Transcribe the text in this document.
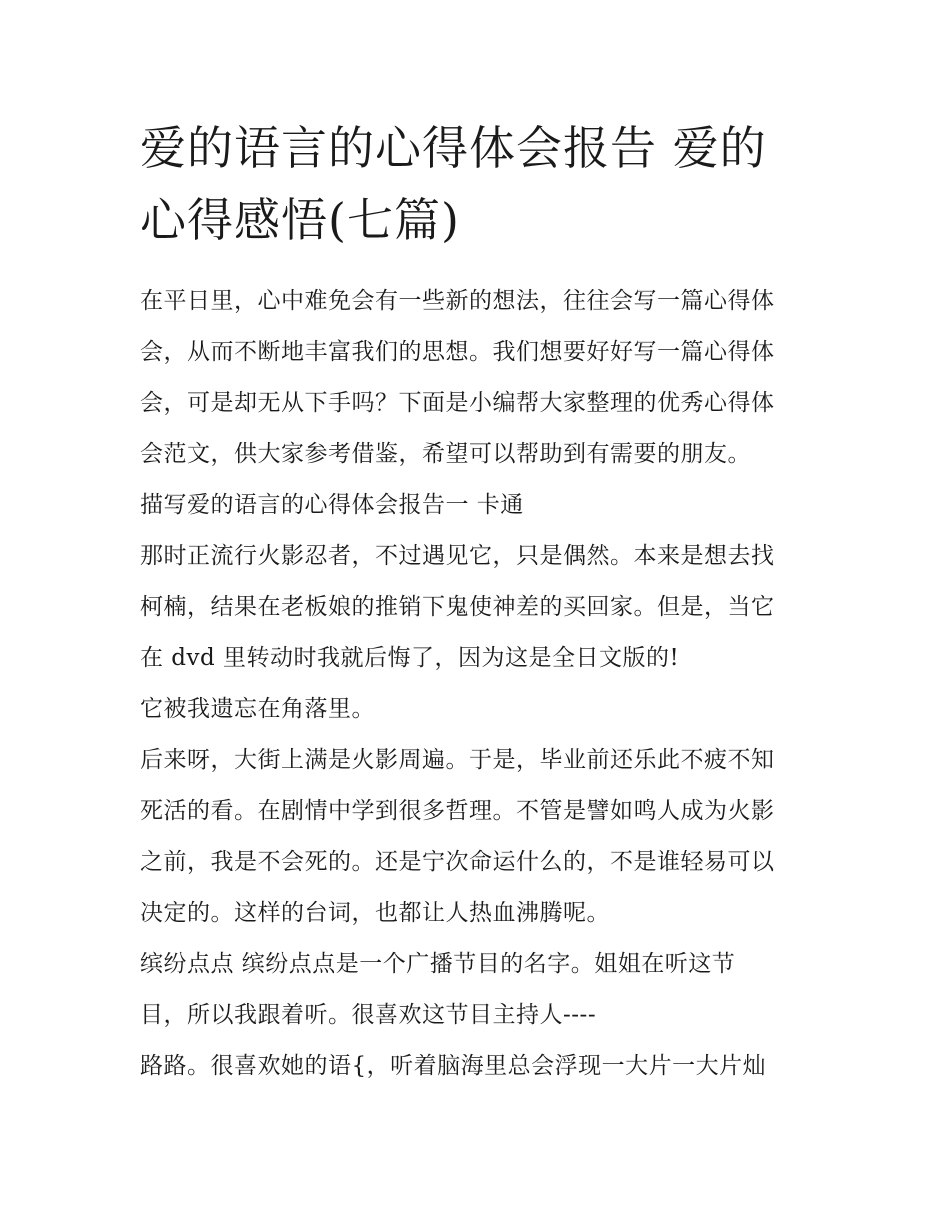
爱的语言的心得体会报告 爱的
心得感悟(七篇)
在平日里，心中难免会有一些新的想法，往往会写一篇心得体
会，从而不断地丰富我们的思想。我们想要好好写一篇心得体
会，可是却无从下手吗？下面是小编帮大家整理的优秀心得体
会范文，供大家参考借鉴，希望可以帮助到有需要的朋友。
描写爱的语言的心得体会报告一 卡通
那时正流行火影忍者，不过遇见它，只是偶然。本来是想去找
柯楠，结果在老板娘的推销下鬼使神差的买回家。但是，当它
在 dvd 里转动时我就后悔了，因为这是全日文版的!
它被我遗忘在角落里。
后来呀，大街上满是火影周遍。于是，毕业前还乐此不疲不知
死活的看。在剧情中学到很多哲理。不管是譬如鸣人成为火影
之前，我是不会死的。还是宁次命运什么的，不是谁轻易可以
决定的。这样的台词，也都让人热血沸腾呢。
缤纷点点 缤纷点点是一个广播节目的名字。姐姐在听这节
目，所以我跟着听。很喜欢这节目主持人----
路路。很喜欢她的语{，听着脑海里总会浮现一大片一大片灿
